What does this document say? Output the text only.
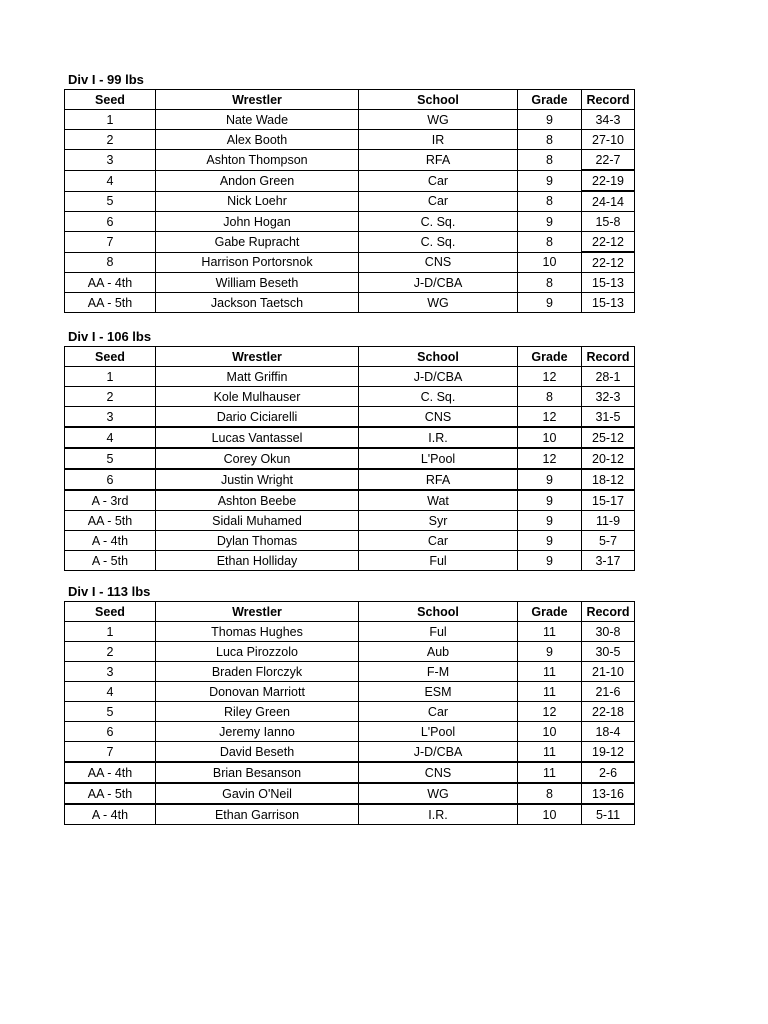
Div I - 99 lbs
Seed	Wrestler	School	Grade	Record
1	Nate Wade	WG	9	34-3
2	Alex Booth	IR	8	27-10
3	Ashton Thompson	RFA	8	22-7
4	Andon Green	Car	9	22-19
5	Nick Loehr	Car	8	24-14
6	John Hogan	C. Sq.	9	15-8
7	Gabe Rupracht	C. Sq.	8	22-12
8	Harrison Portorsnok	CNS	10	22-12
AA - 4th	William Beseth	J-D/CBA	8	15-13
AA - 5th	Jackson Taetsch	WG	9	15-13
Div I - 106 lbs
Seed	Wrestler	School	Grade	Record
1	Matt Griffin	J-D/CBA	12	28-1
2	Kole Mulhauser	C. Sq.	8	32-3
3	Dario Ciciarelli	CNS	12	31-5
4	Lucas Vantassel	I.R.	10	25-12
5	Corey Okun	L'Pool	12	20-12
6	Justin Wright	RFA	9	18-12
A - 3rd	Ashton Beebe	Wat	9	15-17
AA - 5th	Sidali Muhamed	Syr	9	11-9
A - 4th	Dylan Thomas	Car	9	5-7
A - 5th	Ethan Holliday	Ful	9	3-17
Div I - 113 lbs
Seed	Wrestler	School	Grade	Record
1	Thomas Hughes	Ful	11	30-8
2	Luca Pirozzolo	Aub	9	30-5
3	Braden Florczyk	F-M	11	21-10
4	Donovan Marriott	ESM	11	21-6
5	Riley Green	Car	12	22-18
6	Jeremy Ianno	L'Pool	10	18-4
7	David Beseth	J-D/CBA	11	19-12
AA - 4th	Brian Besanson	CNS	11	2-6
AA - 5th	Gavin O'Neil	WG	8	13-16
A - 4th	Ethan Garrison	I.R.	10	5-11
